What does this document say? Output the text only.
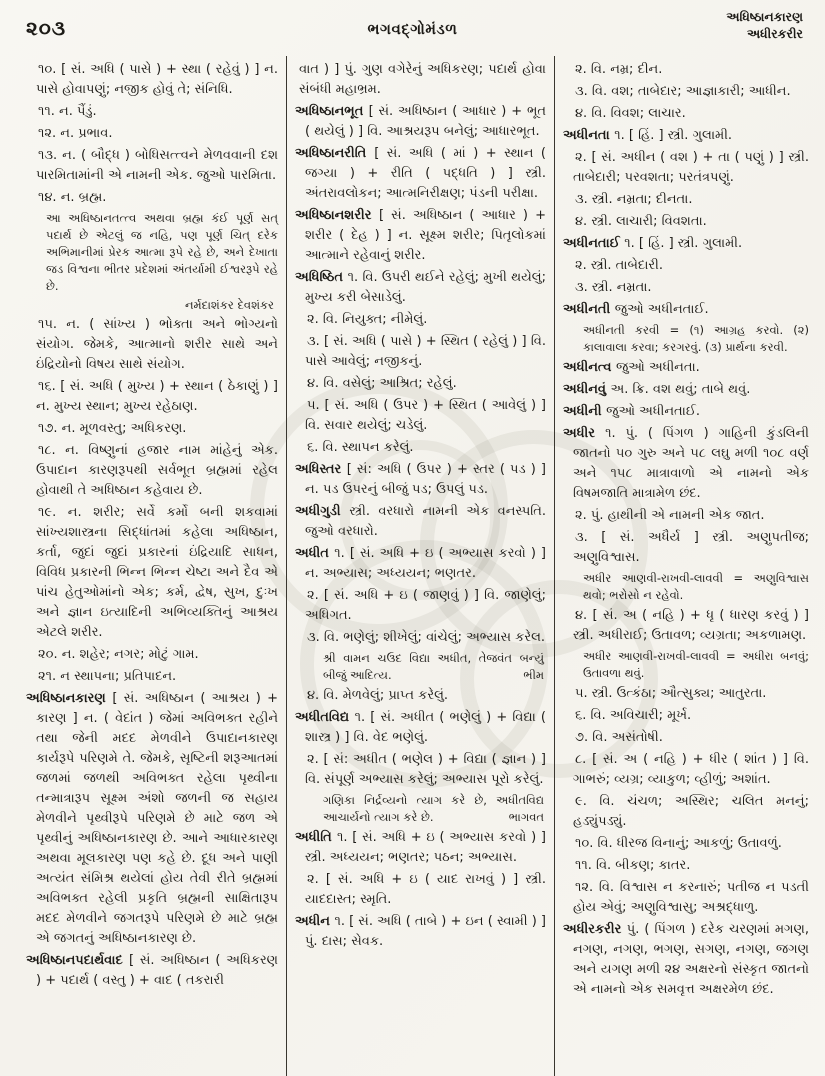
૨૦૩	ભગવદ્ગોમંડળ
અધિષ્ઠાનકારણ
અધીરકરીર

૧૦. [ સં. અધિ ( પાસે ) + સ્થા ( રહેવું ) ] ન. પાસે હોવાપણું; નજીક હોવું તે; સંનિધિ.

૧૧. ન. પૈંડું.

૧૨. ન. પ્રભાવ.

૧૩. ન. ( બૌદ્ધ ) બોધિસત્ત્વને મેળવવાની દશ પારમિતામાંની એ નામની એક. જુઓ પારમિતા.

૧૪. ન. બ્રહ્મ.

આ અધિષ્ઠાનતત્ત્વ અથવા બ્રહ્મ કંઈ પૂર્ણ સત્ પદાર્થ છે એટલું જ નહિ, પણ પૂર્ણ ચિત્ દરેક અભિમાનીમાં પ્રેરક આત્મા રૂપે રહે છે, અને દેખાતા જડ વિશ્વના ભીતર પ્રદેશમાં અંતર્યામી ઈશ્વરરૂપે રહે છે.

નર્મદાશંકર દેવશંકર

૧૫. ન. ( સાંખ્ય ) ભોક્તા અને ભોગ્યનો સંયોગ. જેમકે, આત્માનો શરીર સાથે અને ઇંદ્રિયોનો વિષય સાથે સંયોગ.

૧૬. [ સં. અધિ ( મુખ્ય ) + સ્થાન ( ઠેકાણું ) ] ન. મુખ્ય સ્થાન; મુખ્ય રહેઠાણ.

૧૭. ન. મૂળવસ્તુ; અધિકરણ.

૧૮. ન. વિષ્ણુનાં હજાર નામ માંહેનું એક. ઉપાદાન કારણરૂપથી સર્વભૂત બ્રહ્મમાં રહેલ હોવાથી તે અધિષ્ઠાન કહેવાય છે.

૧૯. ન. શરીર; સર્વે કર્મો બની શકવામાં સાંખ્યશાસ્ત્રના સિદ્ધાંતમાં કહેલા અધિષ્ઠાન, કર્તા, જુદાં જુદાં પ્રકારનાં ઇંદ્રિયાદિ સાધન, વિવિધ પ્રકારની ભિન્ન ભિન્ન ચેષ્ટા અને દૈવ એ પાંચ હેતુઓમાંનો એક; કર્મ, દ્વેષ, સુખ, દુઃખ અને જ્ઞાન ઇત્યાદિની અભિવ્યક્તિનું આશ્રય એટલે શરીર.

૨૦. ન. શહેર; નગર; મોટું ગામ.

૨૧. ન સ્થાપના; પ્રતિપાદન.

અધિષ્ઠાનકારણ [ સં. અધિષ્ઠાન ( આશ્રય ) + કારણ ] ન. ( વેદાંત ) જેમાં અવિભક્ત રહીને તથા જેની મદદ મેળવીને ઉપાદાનકારણ કાર્યરૂપે પરિણમે તે. જેમકે, સૃષ્ટિની શરૂઆતમાં જળમાં જળથી અવિભક્ત રહેલા પૃથ્વીના તન્માત્રારૂપ સૂક્ષ્મ અંશો જળની જ સહાય મેળવીને પૃથ્વીરૂપે પરિણમે છે માટે જળ એ પૃથ્વીનું અધિષ્ઠાનકારણ છે. આને આધારકારણ અથવા મૂલકારણ પણ કહે છે. દૂધ અને પાણી અત્યંત સંમિશ્ર થયેલાં હોય તેવી રીતે બ્રહ્મમાં અવિભક્ત રહેલી પ્રકૃતિ બ્રહ્મની સાક્ષિતારૂપ મદદ મેળવીને જગતરૂપે પરિણમે છે માટે બ્રહ્મ એ જગતનું અધિષ્ઠાનકારણ છે.

અધિષ્ઠાનપદાર્થવાદ [ સં. અધિષ્ઠાન ( અધિકરણ ) + પદાર્થ ( વસ્તુ ) + વાદ ( તકરારી

વાત ) ] પું. ગુણ વગેરેનું અધિકરણ; પદાર્થ હોવા સંબંધી મહાભ્રમ.

અધિષ્ઠાનભૂત [ સં. અધિષ્ઠાન ( આધાર ) + ભૂત ( થયેલું ) ] વિ. આશ્રયરૂપ બનેલું; આધારભૂત.

અધિષ્ઠાનરીતિ [ સં. અધિ ( માં ) + સ્થાન ( જગ્યા ) + રીતિ ( પદ્ધતિ ) ] સ્ત્રી. અંતરાવલોકન; આત્મનિરીક્ષણ; પંડની પરીક્ષા.

અધિષ્ઠાનશરીર [ સં. અધિષ્ઠાન ( આધાર ) + શરીર ( દેહ ) ] ન. સૂક્ષ્મ શરીર; પિતૃલોકમાં આત્માને રહેવાનું શરીર.

અધિષ્ઠિત ૧. વિ. ઉપરી થઈને રહેલું; મુખી થયેલું; મુખ્ય કરી બેસાડેલું.

૨. વિ. નિયુક્ત; નીમેલું.

૩. [ સં. અધિ ( પાસે ) + સ્થિત ( રહેલું ) ] વિ. પાસે આવેલું; નજીકનું.

૪. વિ. વસેલું; આશ્રિત; રહેલું.

૫. [ સં. અધિ ( ઉપર ) + સ્થિત ( આવેલું ) ] વિ. સવાર થયેલું; ચડેલું.

૬. વિ. સ્થાપન કરેલું.

અધિસ્તર [ સં: અધિ ( ઉપર ) + સ્તર ( પડ ) ] ન. પડ ઉપરનું બીજું પડ; ઉપલું પડ.

અધીગુડી સ્ત્રી. વરધારો નામની એક વનસ્પતિ. જુઓ વરધારો.

અધીત ૧. [ સં. અધિ + ઇ ( અભ્યાસ કરવો ) ] ન. અભ્યાસ; અધ્યયન; ભણતર.

૨. [ સં. અધિ + ઇ ( જાણવું ) ] વિ. જાણેલું; અધિગત.

૩. વિ. ભણેલું; શીખેલું; વાંચેલું; અભ્યાસ કરેલ.

શ્રી વામન ચઉદ વિદ્યા અધીત, તેજવંત બન્યું બીજું આદિત્ય.	ભીમ

૪. વિ. મેળવેલું; પ્રાપ્ત કરેલું.

અધીતવિદ્ય ૧. [ સં. અધીત ( ભણેલું ) + વિદ્યા ( શાસ્ત્ર ) ] વિ. વેદ ભણેલું.

૨. [ સં: અધીત ( ભણેલ ) + વિદ્યા ( જ્ઞાન ) ] વિ. સંપૂર્ણ અભ્યાસ કરેલું; અભ્યાસ પૂરો કરેલું.

ગણિકા નિર્દ્રવ્યનો ત્યાગ કરે છે, અધીતવિદ્ય આચાર્યનો ત્યાગ કરે છે.	ભાગવત

અધીતિ ૧. [ સં. અધિ + ઇ ( અભ્યાસ કરવો ) ] સ્ત્રી. અધ્યયન; ભણતર; પઠન; અભ્યાસ.

૨. [ સં. અધિ + ઇ ( યાદ રાખવું ) ] સ્ત્રી. યાદદાસ્ત; સ્મૃતિ.

અધીન ૧. [ સં. અધિ ( તાબે ) + ઇન ( સ્વામી ) ] પું. દાસ; સેવક.

૨. વિ. નમ્ર; દીન.

૩. વિ. વશ; તાબેદાર; આજ્ઞાકારી; આધીન.

૪. વિ. વિવશ; લાચાર.

અધીનતા ૧. [ હિં. ] સ્ત્રી. ગુલામી.

૨. [ સં. અધીન ( વશ ) + તા ( પણું ) ] સ્ત્રી. તાબેદારી; પરવશતા; પરતંત્રપણું.

૩. સ્ત્રી. નમ્રતા; દીનતા.

૪. સ્ત્રી. લાચારી; વિવશતા.

અધીનતાઈ ૧. [ હિં. ] સ્ત્રી. ગુલામી.

૨. સ્ત્રી. તાબેદારી.

૩. સ્ત્રી. નમ્રતા.

અધીનતી જુઓ અધીનતાઈ.

અધીનતી કરવી = (૧) આગ્રહ કરવો. (૨) કાલાવાલા કરવા; કરગરવું. (૩) પ્રાર્થના કરવી.

અધીનત્વ જુઓ અધીનતા.

અધીનવું અ. ક્રિ. વશ થવું; તાબે થવું.

અધીની જુઓ અધીનતાઈ.

અધીર ૧. પું. ( પિંગળ ) ગાહિની કુંડલિની જાતનો ૫૦ ગુરુ અને ૫૮ લઘુ મળી ૧૦૮ વર્ણ અને ૧૫૮ માત્રાવાળો એ નામનો એક વિષમજાતિ માત્રામેળ છંદ.

૨. પું. હાથીની એ નામની એક જાત.

૩. [ સં. અધૈર્ય ] સ્ત્રી. અણુપતીજ; અણુવિશ્વાસ.

અધીર આણવી-રાખવી-લાવવી = અણુવિશ્વાસ થવો; ભરોસો ન રહેવો.

૪. [ સં. અ ( નહિ ) + ધૃ ( ધારણ કરવું ) ] સ્ત્રી. અધીરાઈ; ઉતાવળ; વ્યગ્રતા; અકળામણ.

અધીર આણવી-રાખવી-લાવવી = અધીરા બનવું; ઉતાવળા થવું.

૫. સ્ત્રી. ઉત્કંઠા; ઔત્સુક્ય; આતુરતા.

૬. વિ. અવિચારી; મૂર્ખ.

૭. વિ. અસંતોષી.

૮. [ સં. અ ( નહિ ) + ધીર ( શાંત ) ] વિ. ગાભરું; વ્યગ્ર; વ્યાકુળ; વ્હીળું; અશાંત.

૯. વિ. ચંચળ; અસ્થિર; ચલિત મનનું; હડ્યુંપડ્યું.

૧૦. વિ. ધીરજ વિનાનું; આકળું; ઉતાવળું.

૧૧. વિ. બીકણ; કાતર.

૧૨. વિ. વિશ્વાસ ન કરનારું; પતીજ ન પડતી હોય એવું; અણુવિશ્વાસુ; અશ્રદ્ધાળુ.

અધીરકરીર પું. ( પિંગળ ) દરેક ચરણમાં મગણ, નગણ, નગણ, ભગણ, સગણ, નગણ, જગણ અને યગણ મળી ૨૪ અક્ષરનો સંસ્કૃત જાતનો એ નામનો એક સમવૃત્ત અક્ષરમેળ છંદ.
